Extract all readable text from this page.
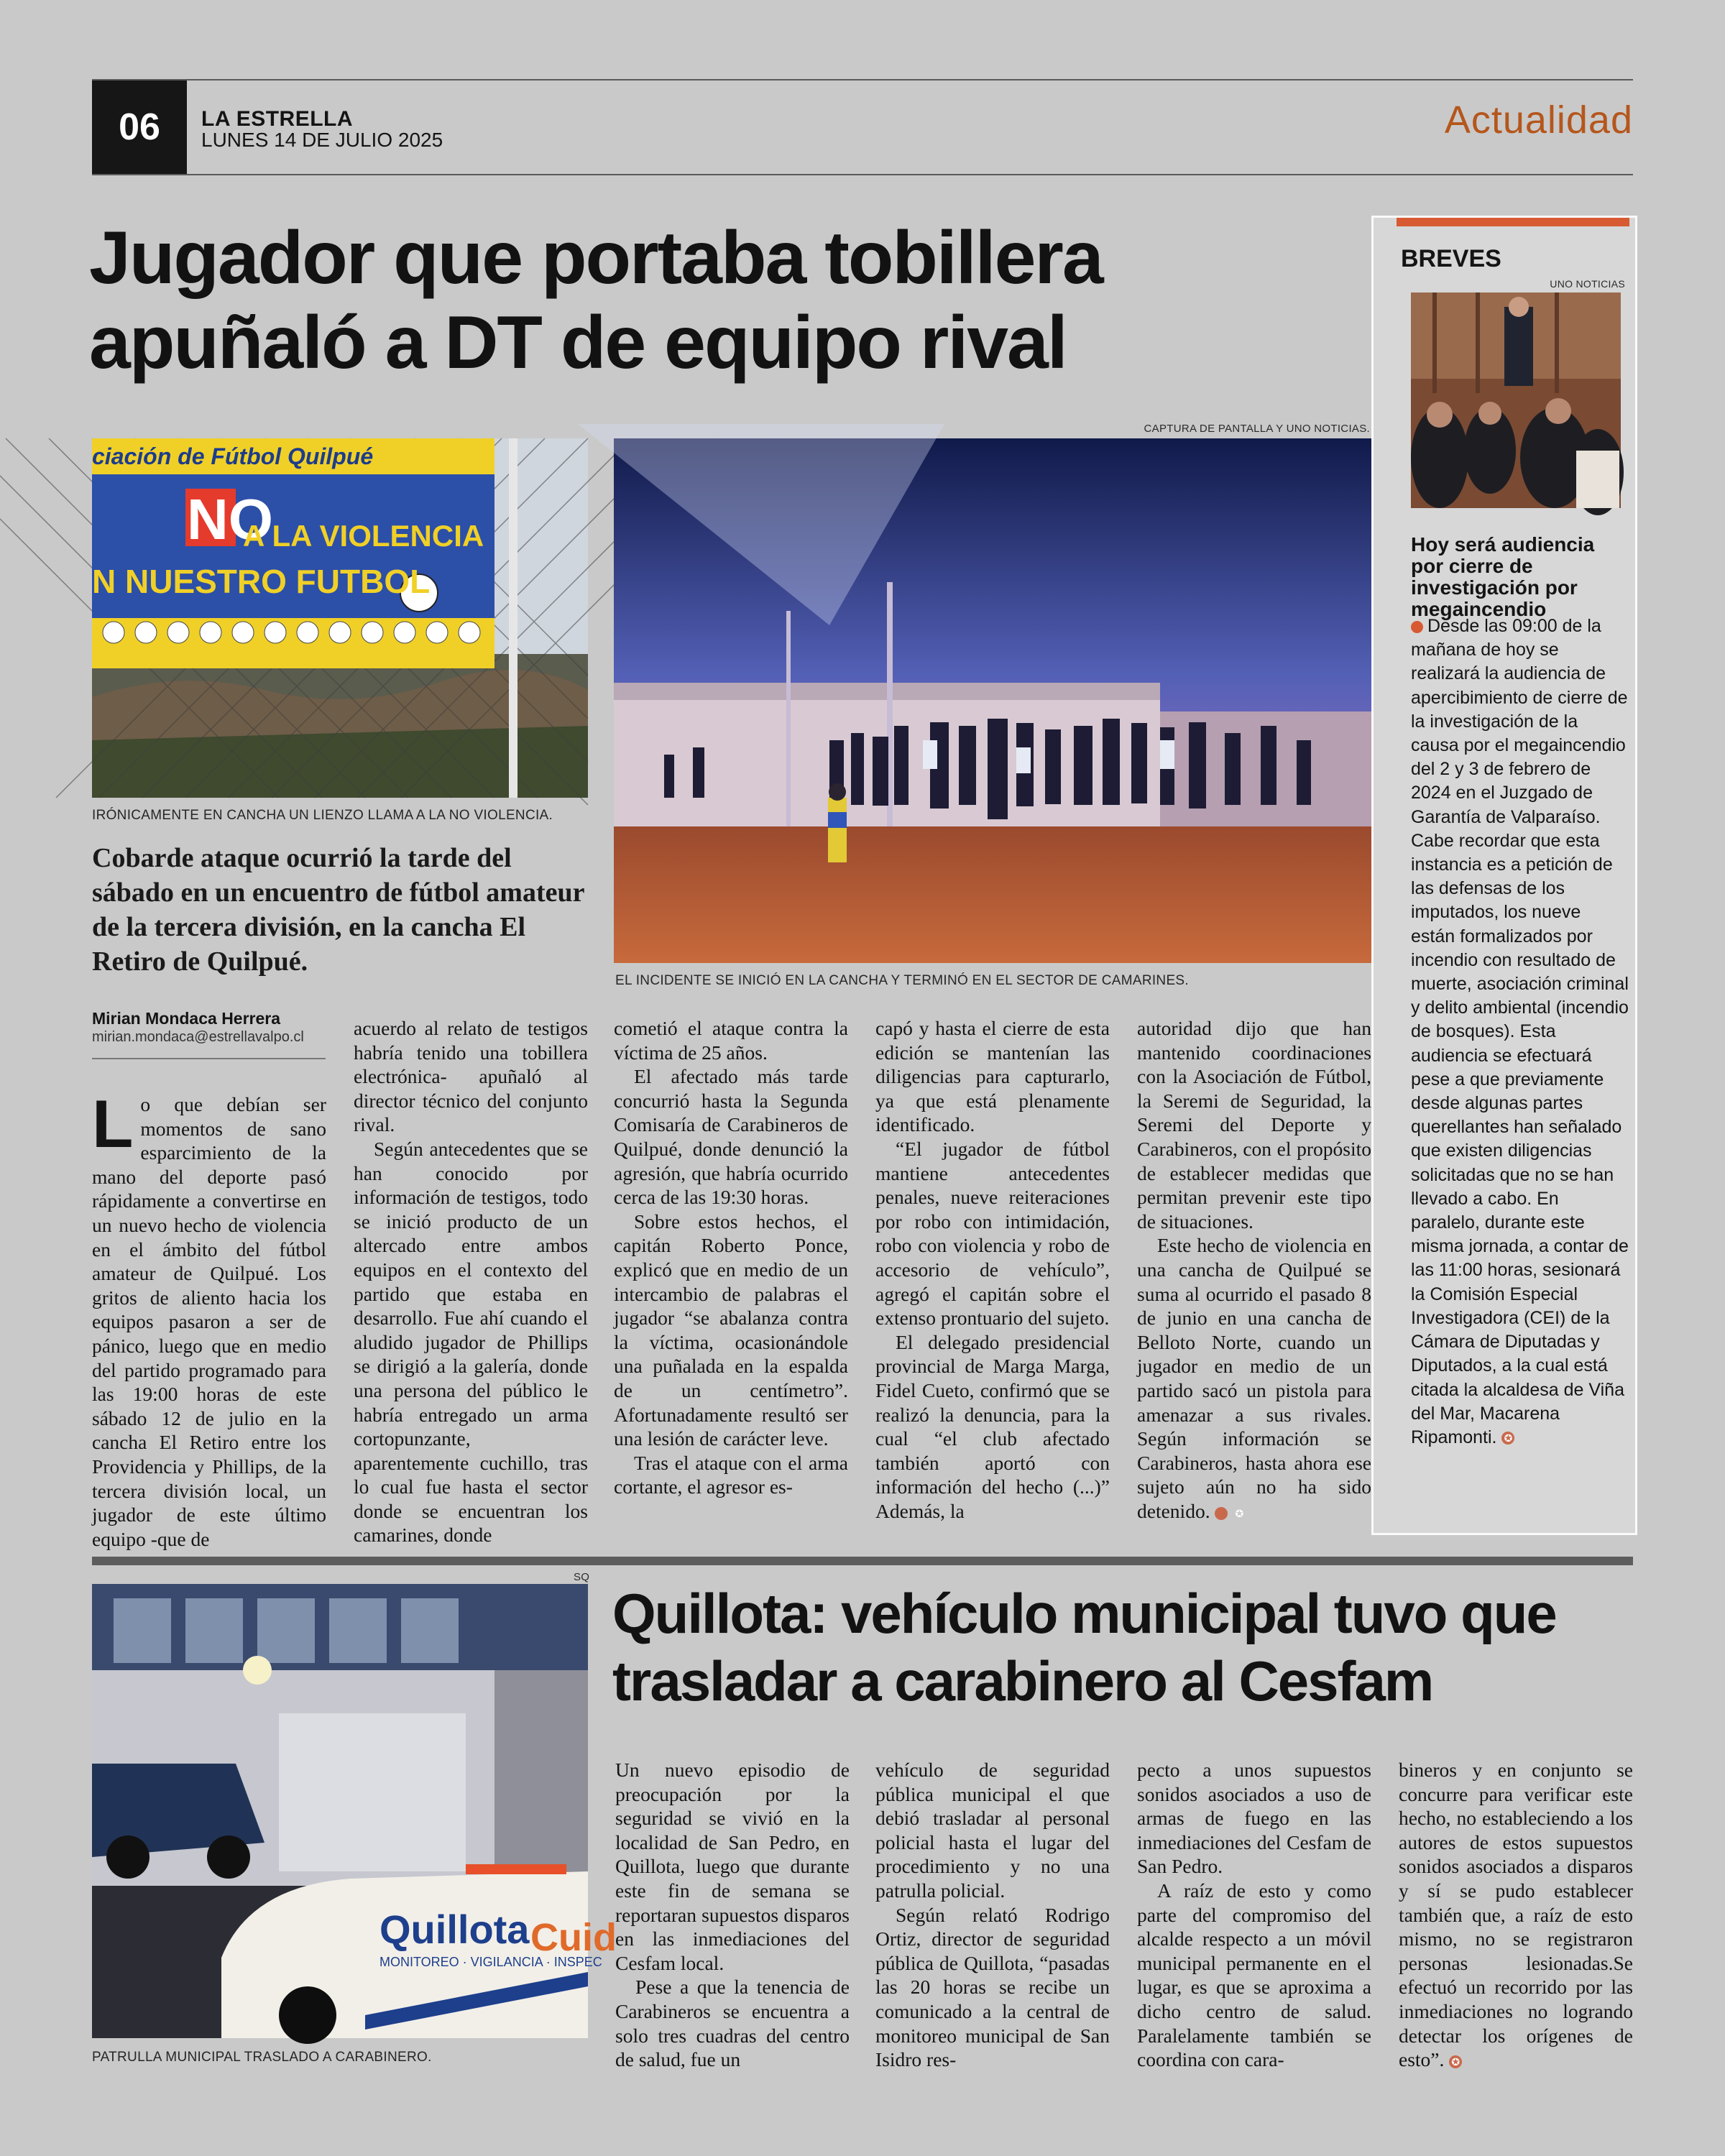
06	LA ESTRELLA
LUNES 14 DE JULIO 2025	Actualidad
Jugador que portaba tobillera apuñaló a DT de equipo rival
CAPTURA DE PANTALLA Y UNO NOTICIAS.
ciación de Fútbol Quilpué
NO
A LA VIOLENCIA
N NUESTRO FUTBOL
IRÓNICAMENTE EN CANCHA UN LIENZO LLAMA A LA NO VIOLENCIA.
EL INCIDENTE SE INICIÓ EN LA CANCHA Y TERMINÓ EN EL SECTOR DE CAMARINES.
Cobarde ataque ocurrió la tarde del sábado en un encuentro de fútbol amateur de la tercera división, en la cancha El Retiro de Quilpué.
Mirian Mondaca Herrera
mirian.mondaca@estrellavalpo.cl

Lo que debían ser momentos de sano esparcimiento de la mano del deporte pasó rápidamente a convertirse en un nuevo hecho de violencia en el ámbito del fútbol amateur de Quilpué. Los gritos de aliento hacia los equipos pasaron a ser de pánico, luego que en medio del partido programado para las 19:00 horas de este sábado 12 de julio en la cancha El Retiro entre los Providencia y Phillips, de la tercera división local, un jugador de este último equipo -que de

acuerdo al relato de testigos habría tenido una tobillera electrónica- apuñaló al director técnico del conjunto rival.

Según antecedentes que se han conocido por información de testigos, todo se inició producto de un altercado entre ambos equipos en el contexto del partido que estaba en desarrollo. Fue ahí cuando el aludido jugador de Phillips se dirigió a la galería, donde una persona del público le habría entregado un arma cortopunzante, aparentemente cuchillo, tras lo cual fue hasta el sector donde se encuentran los camarines, donde

cometió el ataque contra la víctima de 25 años.

El afectado más tarde concurrió hasta la Segunda Comisaría de Carabineros de Quilpué, donde denunció la agresión, que habría ocurrido cerca de las 19:30 horas.

Sobre estos hechos, el capitán Roberto Ponce, explicó que en medio de un intercambio de palabras el jugador “se abalanza contra la víctima, ocasionándole una puñalada en la espalda de un centímetro”. Afortunadamente resultó ser una lesión de carácter leve.

Tras el ataque con el arma cortante, el agresor es-

capó y hasta el cierre de esta edición se mantenían las diligencias para capturarlo, ya que está plenamente identificado.

“El jugador de fútbol mantiene antecedentes penales, nueve reiteraciones por robo con intimidación, robo con violencia y robo de accesorio de vehículo”, agregó el capitán sobre el extenso prontuario del sujeto.

El delegado presidencial provincial de Marga Marga, Fidel Cueto, confirmó que se realizó la denuncia, para la cual “el club afectado también aportó con información del hecho (...)” Además, la

autoridad dijo que han mantenido coordinaciones con la Asociación de Fútbol, la Seremi de Seguridad, la Seremi del Deporte y Carabineros, con el propósito de establecer medidas que permitan prevenir este tipo de situaciones.

Este hecho de violencia en una cancha de Quilpué se suma al ocurrido el pasado 8 de junio en una cancha de Belloto Norte, cuando un jugador en medio de un partido sacó un pistola para amenazar a sus rivales. Según información se Carabineros, hasta ahora ese sujeto aún no ha sido detenido. ✪

BREVES
UNO NOTICIAS
Hoy será audiencia por cierre de investigación por megaincendio
Desde las 09:00 de la mañana de hoy se realizará la audiencia de apercibimiento de cierre de la investigación de la causa por el megaincendio del 2 y 3 de febrero de 2024 en el Juzgado de Garantía de Valparaíso. Cabe recordar que esta instancia es a petición de las defensas de los imputados, los nueve están formalizados por incendio con resultado de muerte, asociación criminal y delito ambiental (incendio de bosques). Esta audiencia se efectuará pese a que previamente desde algunas partes querellantes han señalado que existen diligencias solicitadas que no se han llevado a cabo. En paralelo, durante este misma jornada, a contar de las 11:00 horas, sesionará la Comisión Especial Investigadora (CEI) de la Cámara de Diputadas y Diputados, a la cual está citada la alcaldesa de Viña del Mar, Macarena Ripamonti. ✪
SQ
Quillota Cuid
MONITOREO · VIGILANCIA · INSPEC
PATRULLA MUNICIPAL TRASLADO A CARABINERO.
Quillota: vehículo municipal tuvo que trasladar a carabinero al Cesfam

Un nuevo episodio de preocupación por la seguridad se vivió en la localidad de San Pedro, en Quillota, luego que durante este fin de semana se reportaran supuestos disparos en las inmediaciones del Cesfam local.

Pese a que la tenencia de Carabineros se encuentra a solo tres cuadras del centro de salud, fue un

vehículo de seguridad pública municipal el que debió trasladar al personal policial hasta el lugar del procedimiento y no una patrulla policial.

Según relató Rodrigo Ortiz, director de seguridad pública de Quillota, “pasadas las 20 horas se recibe un comunicado a la central de monitoreo municipal de San Isidro res-

pecto a unos supuestos sonidos asociados a uso de armas de fuego en las inmediaciones del Cesfam de San Pedro.

A raíz de esto y como parte del compromiso del alcalde respecto a un móvil municipal permanente en el lugar, es que se aproxima a dicho centro de salud. Paralelamente también se coordina con cara-

bineros y en conjunto se concurre para verificar este hecho, no estableciendo a los autores de estos supuestos sonidos asociados a disparos y sí se pudo establecer también que, a raíz de esto mismo, no se registraron personas lesionadas.Se efectuó un recorrido por las inmediaciones no logrando detectar los orígenes de esto”. ✪
